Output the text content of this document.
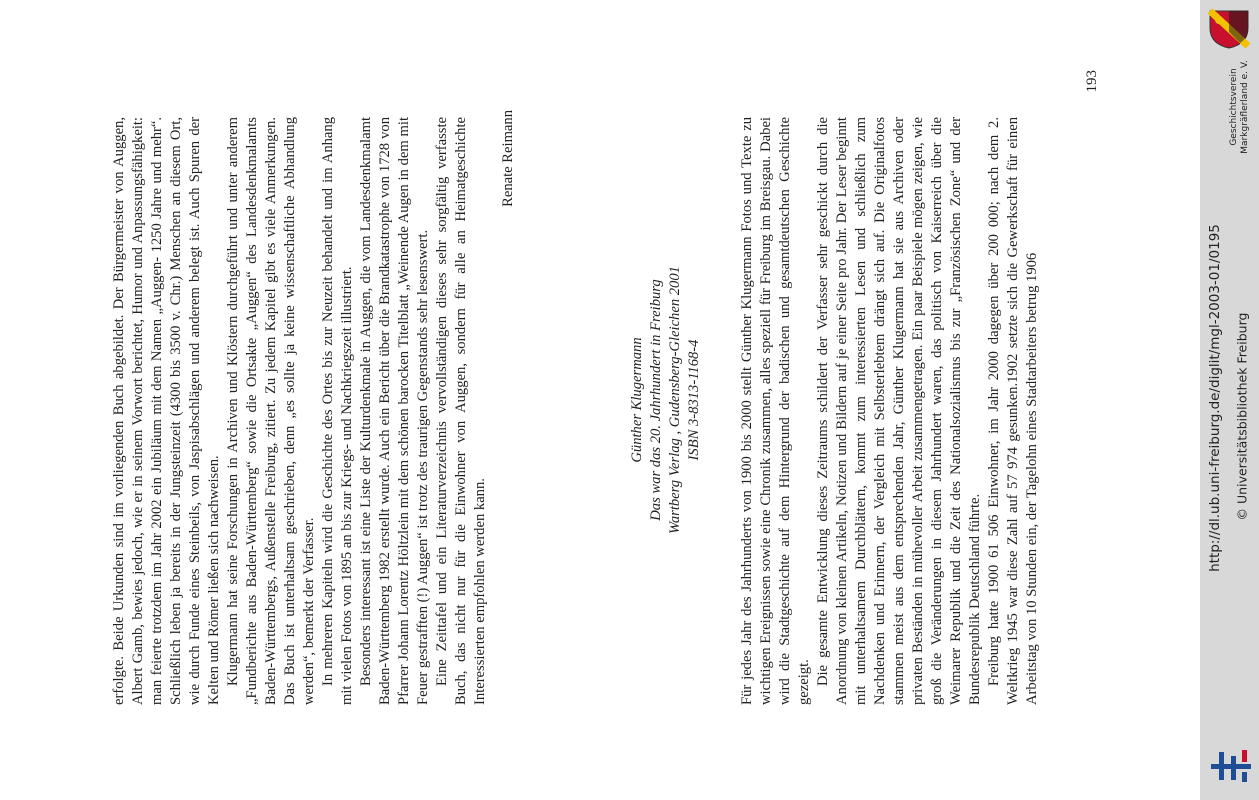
erfolgte. Beide Urkunden sind im vorliegenden Buch abgebildet. Der Bürgermeister von Auggen, Albert Gamb, bewies jedoch, wie er in seinem Vorwort berichtet, Humor und Anpassungsfähigkeit: man feierte trotzdem im Jahr 2002 ein Jubiläum mit dem Namen „Auggen- 1250 Jahre und mehr“. Schließlich leben ja bereits in der Jungsteinzeit (4300 bis 3500 v. Chr.) Menschen an diesem Ort, wie durch Funde eines Steinbeils, von Jaspisabschlägen und anderem belegt ist. Auch Spuren der Kelten und Römer ließen sich nachweisen. Klugermann hat seine Forschungen in Archiven und Klöstern durchgeführt und unter anderem „Fundberichte aus Baden-Württemberg“ sowie die Ortsakte „Auggen“ des Landesdenkmalamts Baden-Württembergs, Außenstelle Freiburg, zitiert. Zu jedem Kapitel gibt es viele Anmerkungen. Das Buch ist unterhaltsam geschrieben, denn „es sollte ja keine wissenschaftliche Abhandlung werden“, bemerkt der Verfasser. In mehreren Kapiteln wird die Geschichte des Ortes bis zur Neuzeit behandelt und im Anhang mit vielen Fotos von 1895 an bis zur Kriegs- und Nachkriegszeit illustriert. Besonders interessant ist eine Liste der Kulturdenkmale in Auggen, die vom Landesdenkmalamt Baden-Württemberg 1982 erstellt wurde. Auch ein Bericht über die Brandkatastrophe von 1728 von Pfarrer Johann Lorentz Höltzlein mit dem schönen barocken Titelblatt „Weinende Augen in dem mit Feuer gestrafften (!) Auggen“ ist trotz des traurigen Gegenstands sehr lesenswert. Eine Zeittafel und ein Literaturverzeichnis vervollständigen dieses sehr sorgfältig verfasste Buch, das nicht nur für die Einwohner von Auggen, sondern für alle an Heimatgeschichte Interessierten empfohlen werden kann.

Renate Reimann
Günther Klugermann Das war das 20. Jahrhundert in Freiburg Wartberg Verlag , Gudensberg-Gleichen 2001 ISBN 3-8313-1168-4	Für jedes Jahr des Jahrhunderts von 1900 bis 2000 stellt Günther Klugermann Fotos und Texte zu wichtigen Ereignissen sowie eine Chronik zusammen, alles speziell für Freiburg im Breisgau. Dabei wird die Stadtgeschichte auf dem Hintergrund der badischen und gesamtdeutschen Geschichte gezeigt. Die gesamte Entwicklung dieses Zeitraums schildert der Verfasser sehr geschickt durch die Anordnung von kleinen Artikeln, Notizen und Bildern auf je einer Seite pro Jahr. Der Leser beginnt mit unterhaltsamem Durchblättern, kommt zum interessierten Lesen und schließlich zum Nachdenken und Erinnern, der Vergleich mit Selbsterlebtem drängt sich auf. Die Originalfotos stammen meist aus dem entsprechenden Jahr, Günther Klugermann hat sie aus Archiven oder privaten Beständen in mühevoller Arbeit zusammengetragen. Ein paar Beispiele mögen zeigen, wie groß die Veränderungen in diesem Jahrhundert waren, das politisch von Kaiserreich über die Weimarer Republik und die Zeit des Nationalsozialismus bis zur „Französischen Zone“ und der Bundesrepublik Deutschland führte. Freiburg hatte 1900 61 506 Einwohner, im Jahr 2000 dagegen über 200 000; nach dem 2. Weltkrieg 1945 war diese Zahl auf 57 974 gesunken.1902 setzte sich die Gewerkschaft für einen Arbeitstag von 10 Stunden ein, der Tagelohn eines Stadtarbeiters betrug 1906

193	Geschichtsverein Markgräflerland e. V.
http://dl.ub.uni-freiburg.de/diglit/mgl-2003-01/0195 © Universitätsbibliothek Freiburg
